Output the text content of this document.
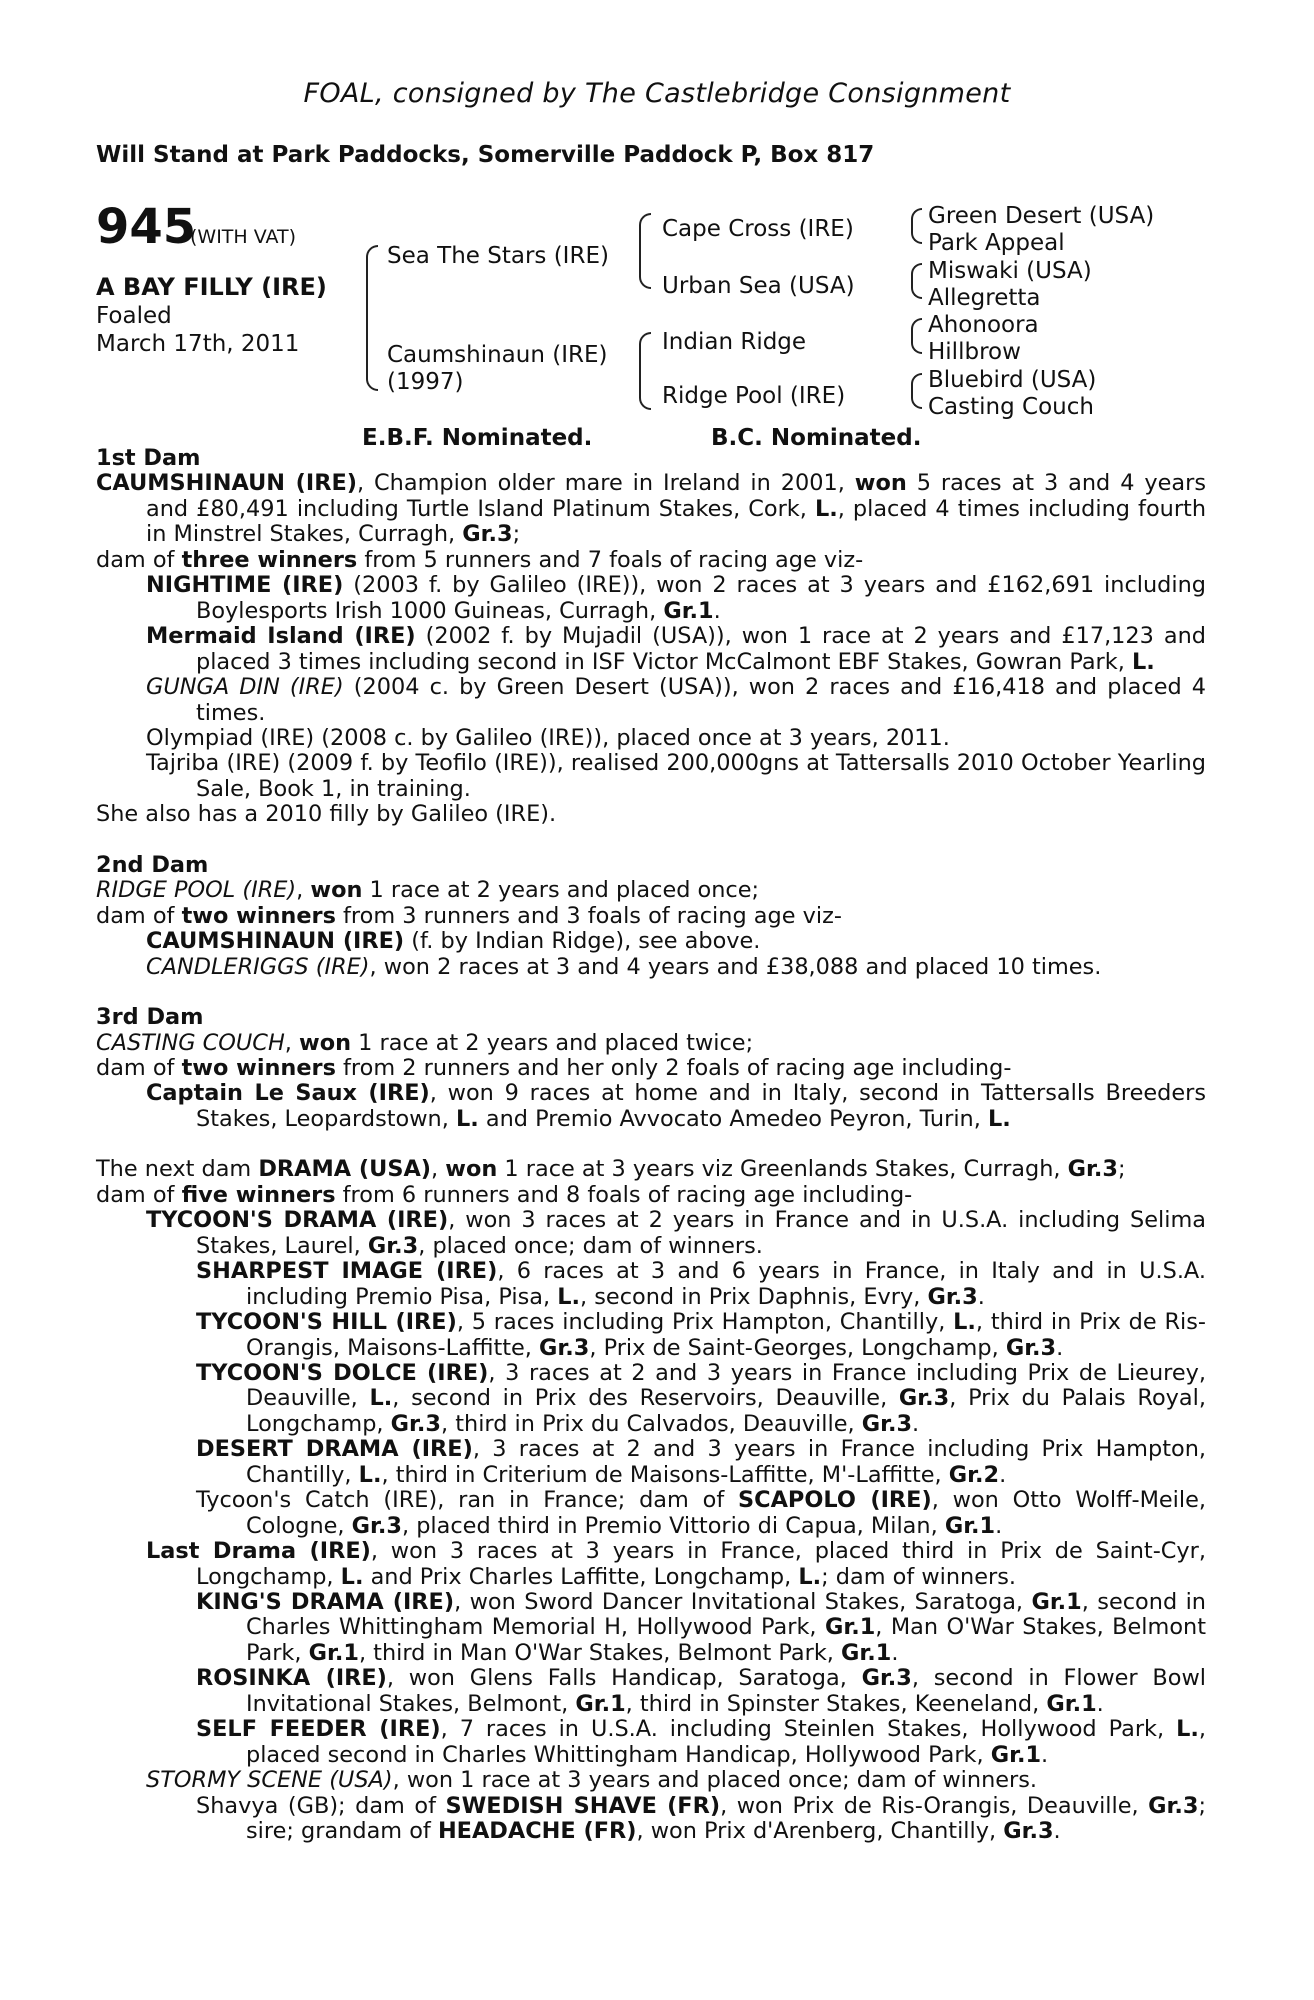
FOAL, consigned by The Castlebridge Consignment
Will Stand at Park Paddocks, Somerville Paddock P, Box 817
945
(WITH VAT)
A BAY FILLY (IRE)
Foaled
March 17th, 2011
Sea The Stars (IRE)
Caumshinaun (IRE)
(1997)
Cape Cross (IRE)
Urban Sea (USA)
Indian Ridge
Ridge Pool (IRE)
Green Desert (USA)
Park Appeal
Miswaki (USA)
Allegretta
Ahonoora
Hillbrow
Bluebird (USA)
Casting Couch
E.B.F. Nominated.	B.C. Nominated.

1st Dam

CAUMSHINAUN (IRE), Champion older mare in Ireland in 2001, won 5 races at 3 and 4 years and £80,491 including Turtle Island Platinum Stakes, Cork, L., placed 4 times including fourth in Minstrel Stakes, Curragh, Gr.3;

dam of three winners from 5 runners and 7 foals of racing age viz-

NIGHTIME (IRE) (2003 f. by Galileo (IRE)), won 2 races at 3 years and £162,691 including Boylesports Irish 1000 Guineas, Curragh, Gr.1.

Mermaid Island (IRE) (2002 f. by Mujadil (USA)), won 1 race at 2 years and £17,123 and placed 3 times including second in ISF Victor McCalmont EBF Stakes, Gowran Park, L.

GUNGA DIN (IRE) (2004 c. by Green Desert (USA)), won 2 races and £16,418 and placed 4 times.

Olympiad (IRE) (2008 c. by Galileo (IRE)), placed once at 3 years, 2011.

Tajriba (IRE) (2009 f. by Teofilo (IRE)), realised 200,000gns at Tattersalls 2010 October Yearling Sale, Book 1, in training.

She also has a 2010 filly by Galileo (IRE).

2nd Dam

RIDGE POOL (IRE), won 1 race at 2 years and placed once;

dam of two winners from 3 runners and 3 foals of racing age viz-

CAUMSHINAUN (IRE) (f. by Indian Ridge), see above.

CANDLERIGGS (IRE), won 2 races at 3 and 4 years and £38,088 and placed 10 times.

3rd Dam

CASTING COUCH, won 1 race at 2 years and placed twice;

dam of two winners from 2 runners and her only 2 foals of racing age including-

Captain Le Saux (IRE), won 9 races at home and in Italy, second in Tattersalls Breeders Stakes, Leopardstown, L. and Premio Avvocato Amedeo Peyron, Turin, L.

The next dam DRAMA (USA), won 1 race at 3 years viz Greenlands Stakes, Curragh, Gr.3;

dam of five winners from 6 runners and 8 foals of racing age including-

TYCOON'S DRAMA (IRE), won 3 races at 2 years in France and in U.S.A. including Selima Stakes, Laurel, Gr.3, placed once; dam of winners.

SHARPEST IMAGE (IRE), 6 races at 3 and 6 years in France, in Italy and in U.S.A. including Premio Pisa, Pisa, L., second in Prix Daphnis, Evry, Gr.3.

TYCOON'S HILL (IRE), 5 races including Prix Hampton, Chantilly, L., third in Prix de Ris-Orangis, Maisons-Laffitte, Gr.3, Prix de Saint-Georges, Longchamp, Gr.3.

TYCOON'S DOLCE (IRE), 3 races at 2 and 3 years in France including Prix de Lieurey, Deauville, L., second in Prix des Reservoirs, Deauville, Gr.3, Prix du Palais Royal, Longchamp, Gr.3, third in Prix du Calvados, Deauville, Gr.3.

DESERT DRAMA (IRE), 3 races at 2 and 3 years in France including Prix Hampton, Chantilly, L., third in Criterium de Maisons-Laffitte, M'-Laffitte, Gr.2.

Tycoon's Catch (IRE), ran in France; dam of SCAPOLO (IRE), won Otto Wolff-Meile, Cologne, Gr.3, placed third in Premio Vittorio di Capua, Milan, Gr.1.

Last Drama (IRE), won 3 races at 3 years in France, placed third in Prix de Saint-Cyr, Longchamp, L. and Prix Charles Laffitte, Longchamp, L.; dam of winners.

KING'S DRAMA (IRE), won Sword Dancer Invitational Stakes, Saratoga, Gr.1, second in Charles Whittingham Memorial H, Hollywood Park, Gr.1, Man O'War Stakes, Belmont Park, Gr.1, third in Man O'War Stakes, Belmont Park, Gr.1.

ROSINKA (IRE), won Glens Falls Handicap, Saratoga, Gr.3, second in Flower Bowl Invitational Stakes, Belmont, Gr.1, third in Spinster Stakes, Keeneland, Gr.1.

SELF FEEDER (IRE), 7 races in U.S.A. including Steinlen Stakes, Hollywood Park, L., placed second in Charles Whittingham Handicap, Hollywood Park, Gr.1.

STORMY SCENE (USA), won 1 race at 3 years and placed once; dam of winners.

Shavya (GB); dam of SWEDISH SHAVE (FR), won Prix de Ris-Orangis, Deauville, Gr.3; sire; grandam of HEADACHE (FR), won Prix d'Arenberg, Chantilly, Gr.3.
